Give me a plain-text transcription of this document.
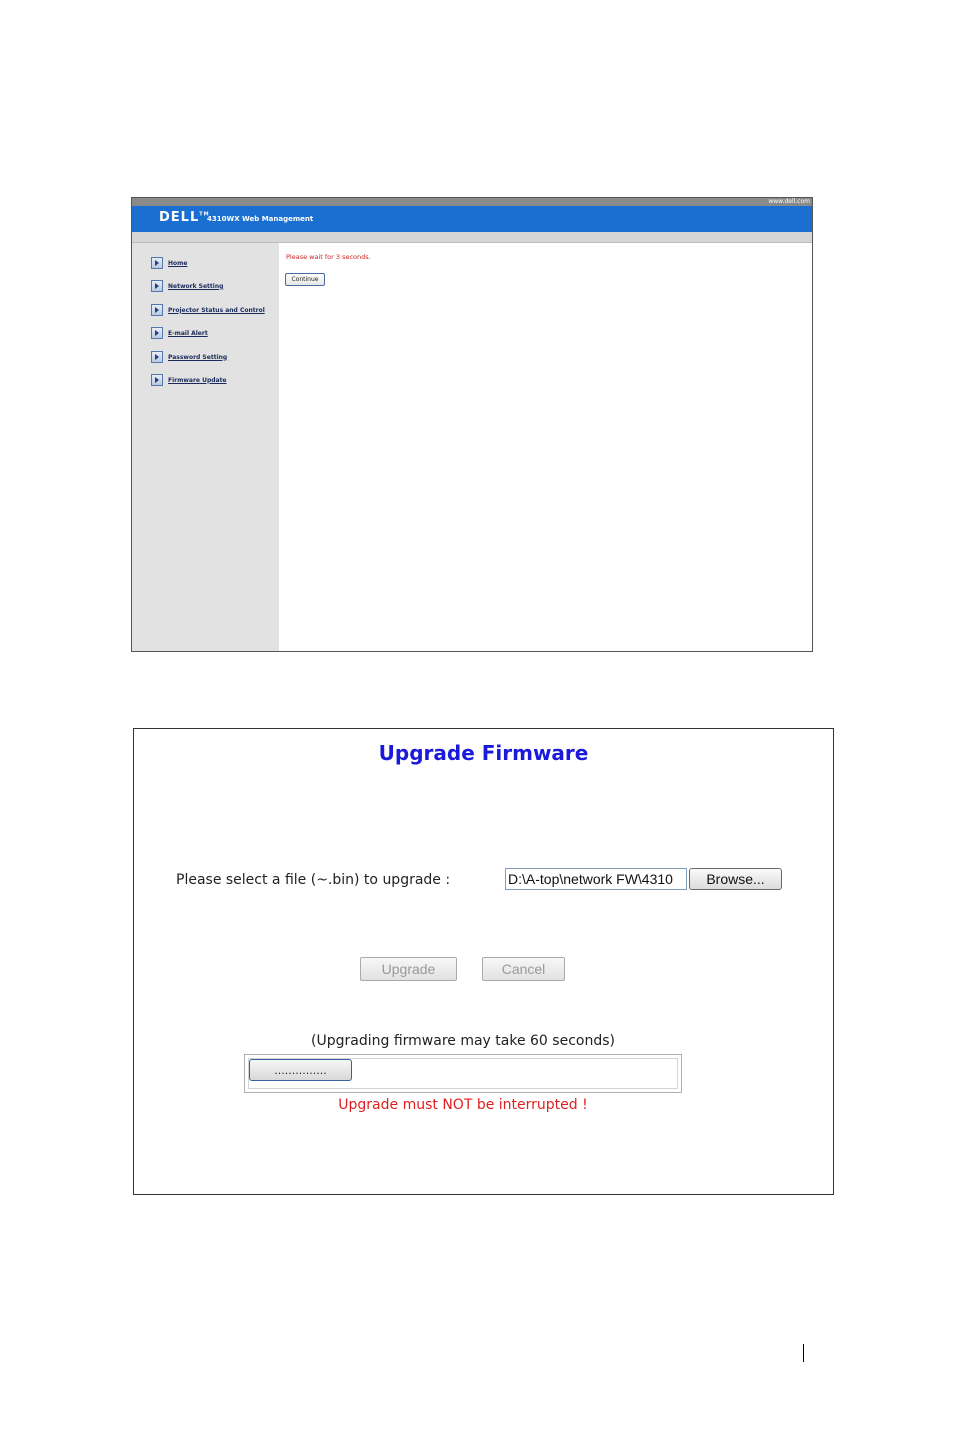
www.dell.com
DELL™
4310WX Web Management
Home
Network Setting
Projector Status and Control
E-mail Alert
Password Setting
Firmware Update
Please wait for 3 seconds.
Continue
Upgrade Firmware
Please select a file (~.bin) to upgrade :	D:\A-top\network FW\4310	Browse...
Upgrade	Cancel
(Upgrading firmware may take 60 seconds)
...............
Upgrade must NOT be interrupted !
